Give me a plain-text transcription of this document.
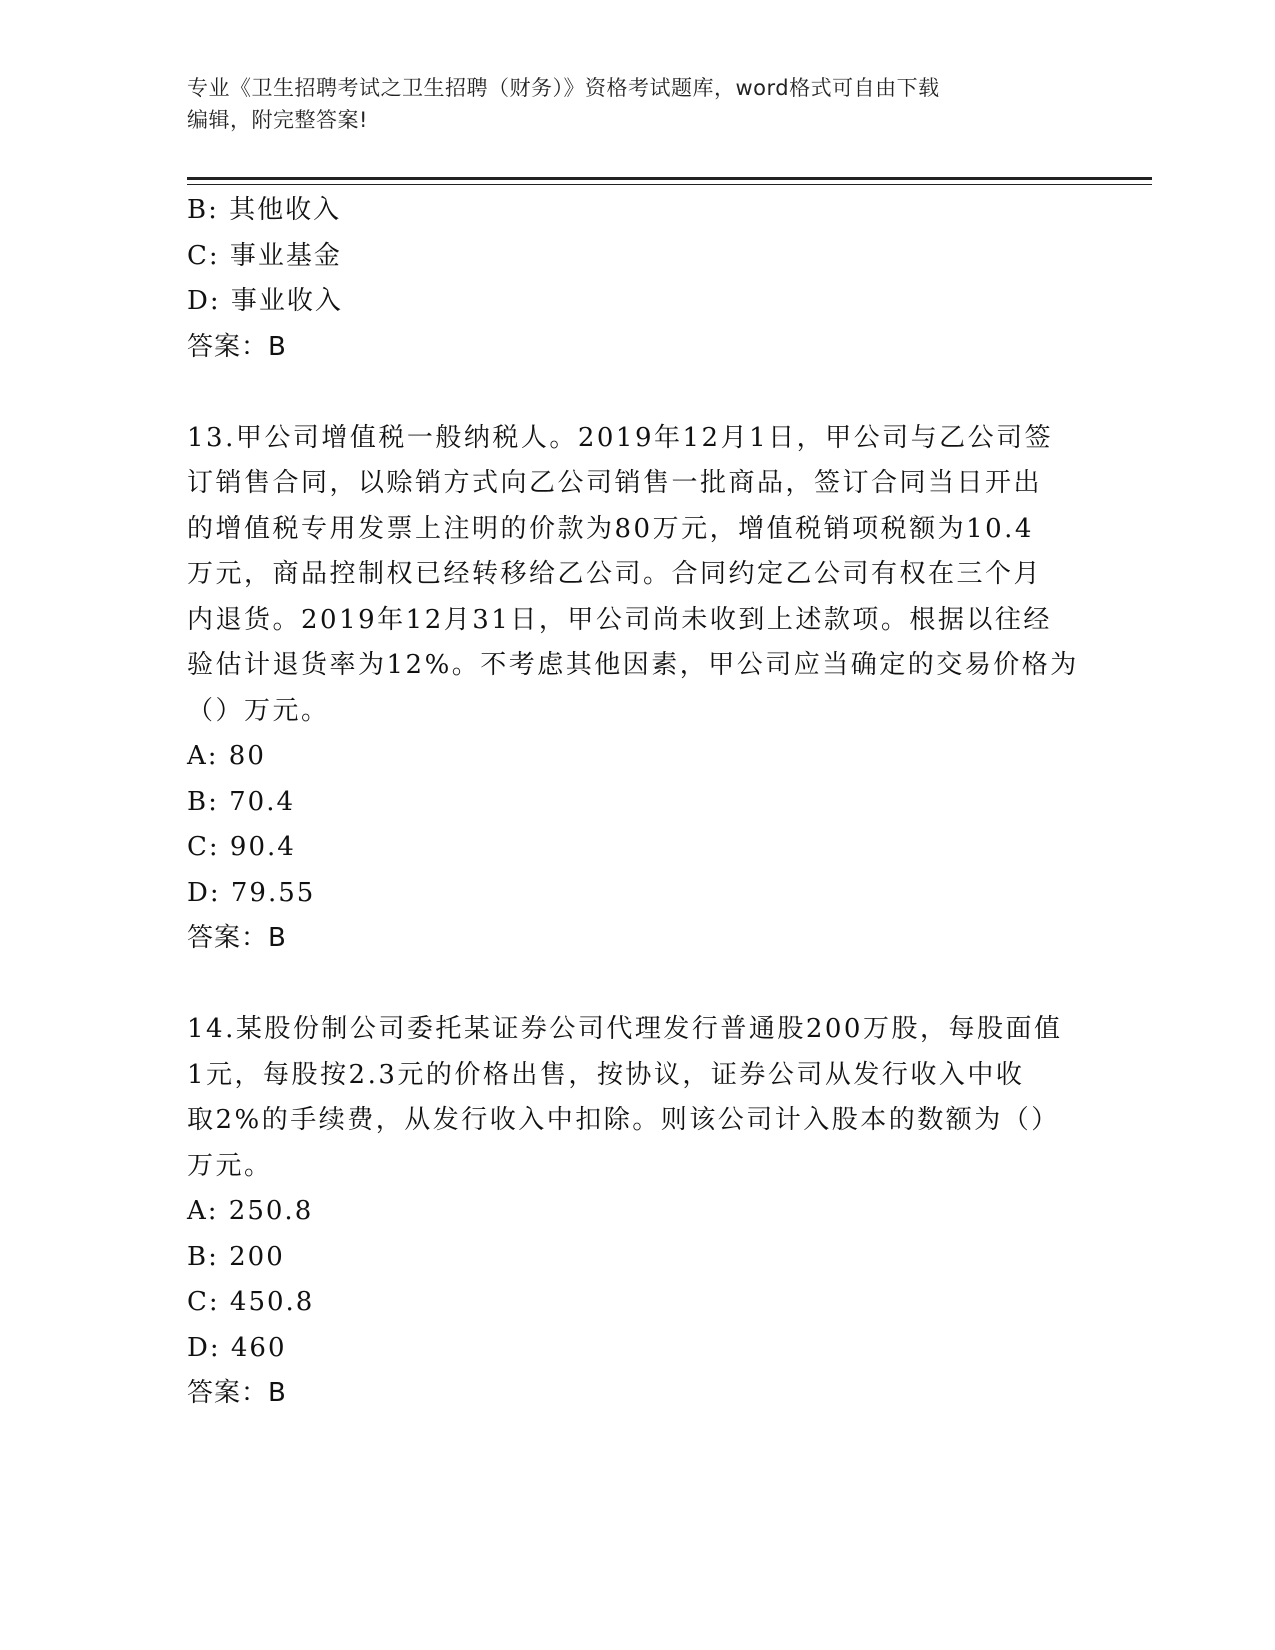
专业《卫生招聘考试之卫生招聘（财务）》资格考试题库，word格式可自由下载
编辑，附完整答案!
B: 其他收入
C: 事业基金
D: 事业收入
答案：B
13.甲公司增值税一般纳税人。2019年12月1日，甲公司与乙公司签
订销售合同，以赊销方式向乙公司销售一批商品，签订合同当日开出
的增值税专用发票上注明的价款为80万元，增值税销项税额为10.4
万元，商品控制权已经转移给乙公司。合同约定乙公司有权在三个月
内退货。2019年12月31日，甲公司尚未收到上述款项。根据以往经
验估计退货率为12%。不考虑其他因素，甲公司应当确定的交易价格为
（）万元。
A: 80
B: 70.4
C: 90.4
D: 79.55
答案：B
14.某股份制公司委托某证券公司代理发行普通股200万股，每股面值
1元，每股按2.3元的价格出售，按协议，证券公司从发行收入中收
取2%的手续费，从发行收入中扣除。则该公司计入股本的数额为（）
万元。
A: 250.8
B: 200
C: 450.8
D: 460
答案：B
